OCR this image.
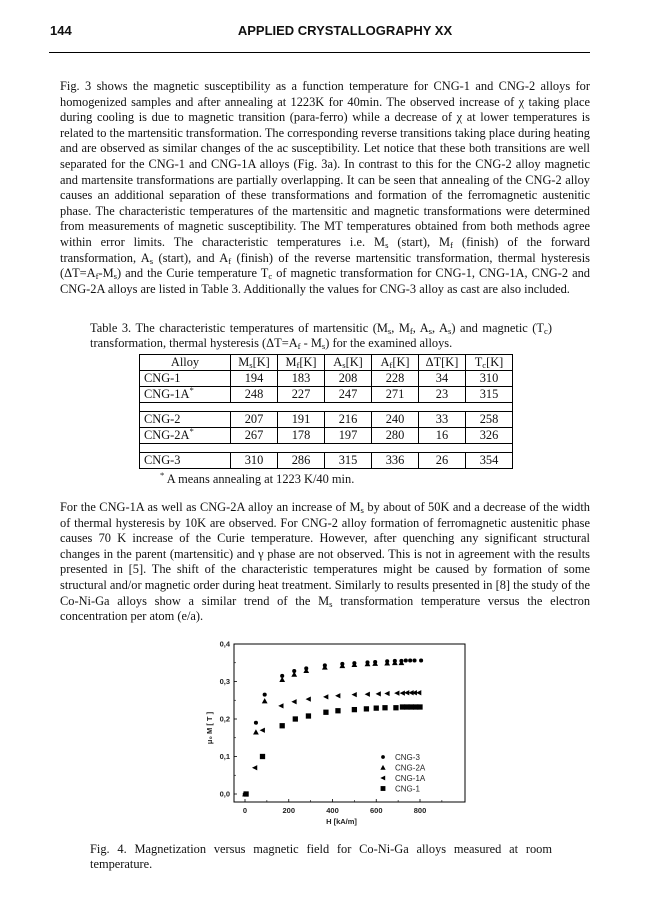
144	APPLIED CRYSTALLOGRAPHY XX
Fig. 3 shows the magnetic susceptibility as a function temperature for CNG-1 and CNG-2 alloys for homogenized samples and after annealing at 1223K for 40min. The observed increase of χ taking place during cooling is due to magnetic transition (para-ferro) while a decrease of χ at lower temperatures is related to the martensitic transformation. The corresponding reverse transitions taking place during heating and are observed as similar changes of the ac susceptibility. Let notice that these both transitions are well separated for the CNG-1 and CNG-1A alloys (Fig. 3a). In contrast to this for the CNG-2 alloy magnetic and martensite transformations are partially overlapping. It can be seen that annealing of the CNG-2 alloy causes an additional separation of these transformations and formation of the ferromagnetic austenitic phase. The characteristic temperatures of the martensitic and magnetic transformations were determined from measurements of magnetic susceptibility. The MT temperatures obtained from both methods agree within error limits. The characteristic temperatures i.e. $M_s$ (start), $M_f$ (finish) of the forward transformation, $A_s$ (start), and $A_f$ (finish) of the reverse martensitic transformation, thermal hysteresis $(\Delta T=A_f-M_s)$ and the Curie temperature $T_c$ of magnetic transformation for CNG-1, CNG-1A, CNG-2 and CNG-2A alloys are listed in Table 3. Additionally the values for CNG-3 alloy as cast are also included.
Table 3. The characteristic temperatures of martensitic ($M_s$, $M_f$, $A_s$, $A_s$) and magnetic $(T_c)$ transformation, thermal hysteresis $(\Delta T=A_f - M_s)$ for the examined alloys.
Alloy	$M_s[K]$	$M_f[K]$	$A_s[K]$	$A_f[K]$	ΔT[K]	$T_c[K]$
CNG-1	194	183	208	228	34	310
CNG-1A*	248	227	247	271	23	315

CNG-2	207	191	216	240	33	258
CNG-2A*	267	178	197	280	16	326

CNG-3	310	286	315	336	26	354
* A means annealing at 1223 K/40 min.
For the CNG-1A as well as CNG-2A alloy an increase of $M_s$ by about of 50K and a decrease of the width of thermal hysteresis by 10K are observed. For CNG-2 alloy formation of ferromagnetic austenitic phase causes 70 K increase of the Curie temperature. However, after quenching any significant structural changes in the parent (martensitic) and γ phase are not observed. This is not in agreement with the results presented in [5]. The shift of the characteristic temperatures might be caused by formation of some structural and/or magnetic order during heat treatment. Similarly to results presented in [8] the study of the Co-Ni-Ga alloys show a similar trend of the $M_s$ transformation temperature versus the electron concentration per atom (e/a).
0,0
0,1
0,2
0,3
0,4
0	200	400	600	800
H [kA/m]
μ₀ M [ T ]
CNG-3
CNG-2A
CNG-1A
CNG-1
Fig. 4. Magnetization versus magnetic field for Co-Ni-Ga alloys measured at room temperature.
